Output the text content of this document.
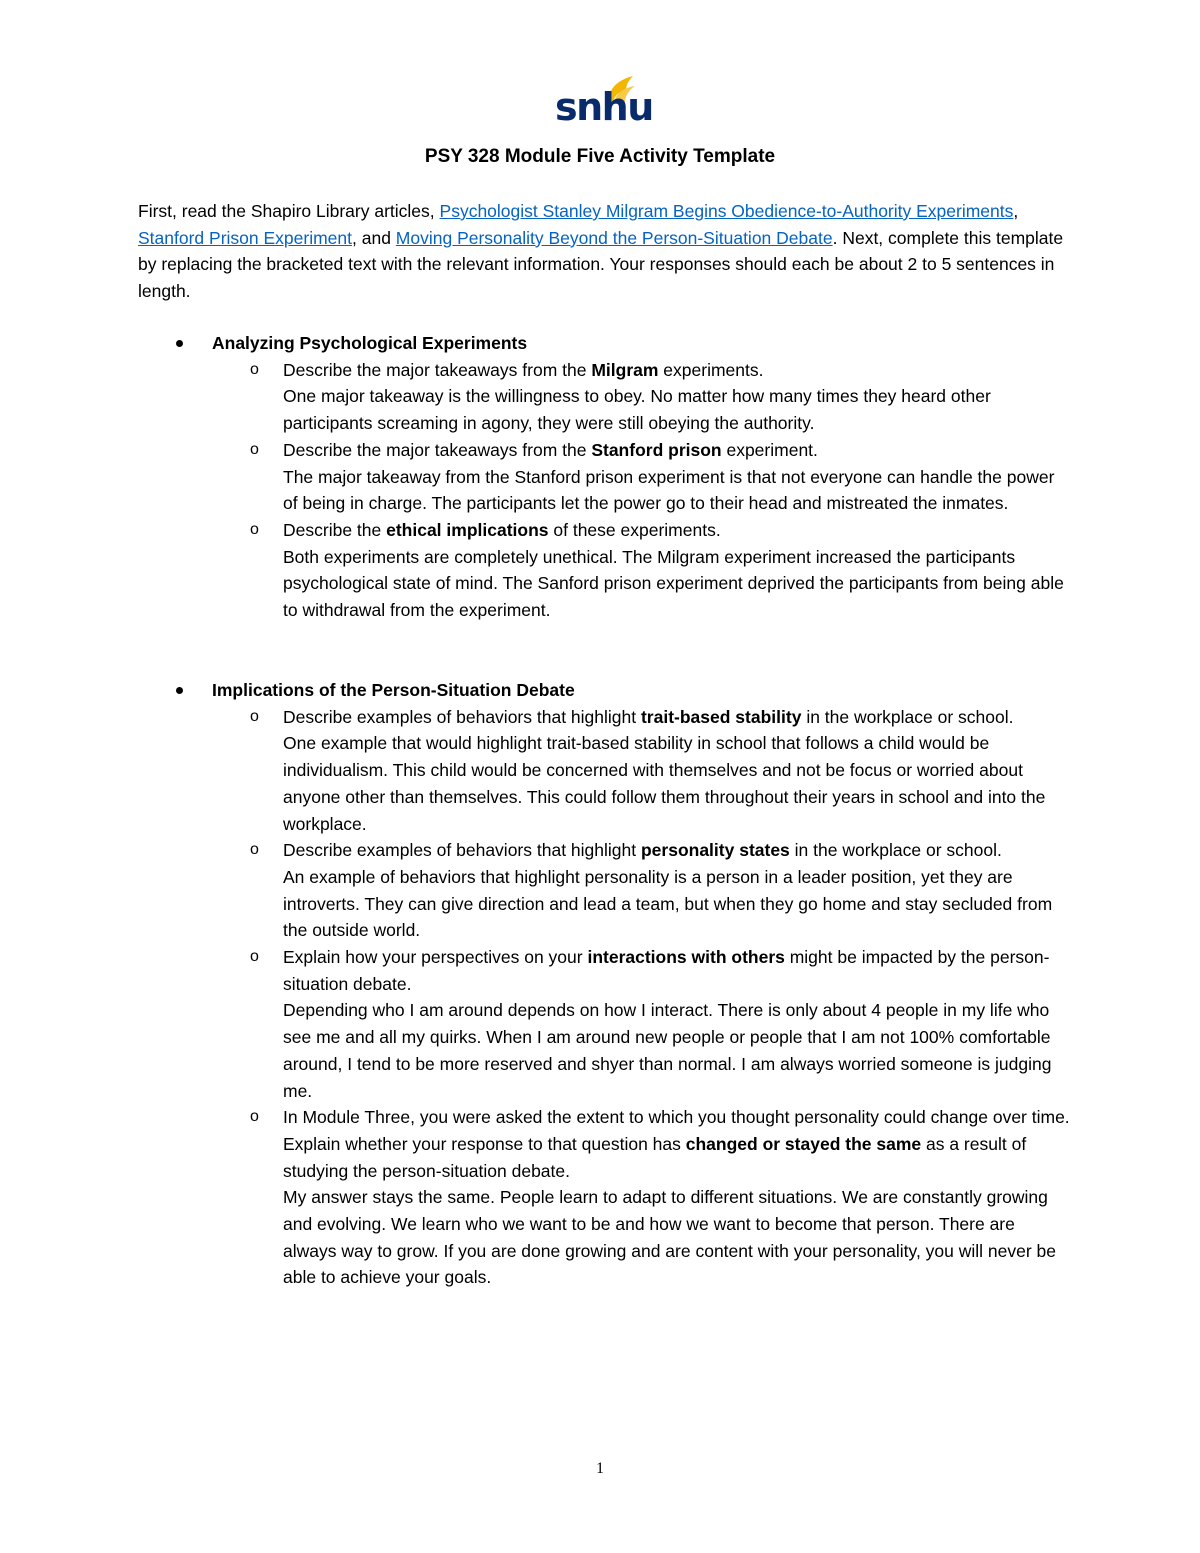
snhu
PSY 328 Module Five Activity Template
First, read the Shapiro Library articles, Psychologist Stanley Milgram Begins Obedience-to-Authority Experiments, Stanford Prison Experiment, and Moving Personality Beyond the Person-Situation Debate. Next, complete this template by replacing the bracketed text with the relevant information. Your responses should each be about 2 to 5 sentences in length.
Analyzing Psychological Experiments
o Describe the major takeaways from the Milgram experiments.
One major takeaway is the willingness to obey. No matter how many times they heard other participants screaming in agony, they were still obeying the authority.
o Describe the major takeaways from the Stanford prison experiment.
The major takeaway from the Stanford prison experiment is that not everyone can handle the power of being in charge. The participants let the power go to their head and mistreated the inmates.
o Describe the ethical implications of these experiments.
Both experiments are completely unethical. The Milgram experiment increased the participants psychological state of mind. The Sanford prison experiment deprived the participants from being able to withdrawal from the experiment.
Implications of the Person-Situation Debate
o Describe examples of behaviors that highlight trait-based stability in the workplace or school.
One example that would highlight trait-based stability in school that follows a child would be individualism. This child would be concerned with themselves and not be focus or worried about anyone other than themselves. This could follow them throughout their years in school and into the workplace.
o Describe examples of behaviors that highlight personality states in the workplace or school.
An example of behaviors that highlight personality is a person in a leader position, yet they are introverts. They can give direction and lead a team, but when they go home and stay secluded from the outside world.
o Explain how your perspectives on your interactions with others might be impacted by the person-situation debate.
Depending who I am around depends on how I interact. There is only about 4 people in my life who see me and all my quirks. When I am around new people or people that I am not 100% comfortable around, I tend to be more reserved and shyer than normal. I am always worried someone is judging me.
o In Module Three, you were asked the extent to which you thought personality could change over time. Explain whether your response to that question has changed or stayed the same as a result of studying the person-situation debate.
My answer stays the same. People learn to adapt to different situations. We are constantly growing and evolving. We learn who we want to be and how we want to become that person. There are always way to grow. If you are done growing and are content with your personality, you will never be able to achieve your goals.
1
